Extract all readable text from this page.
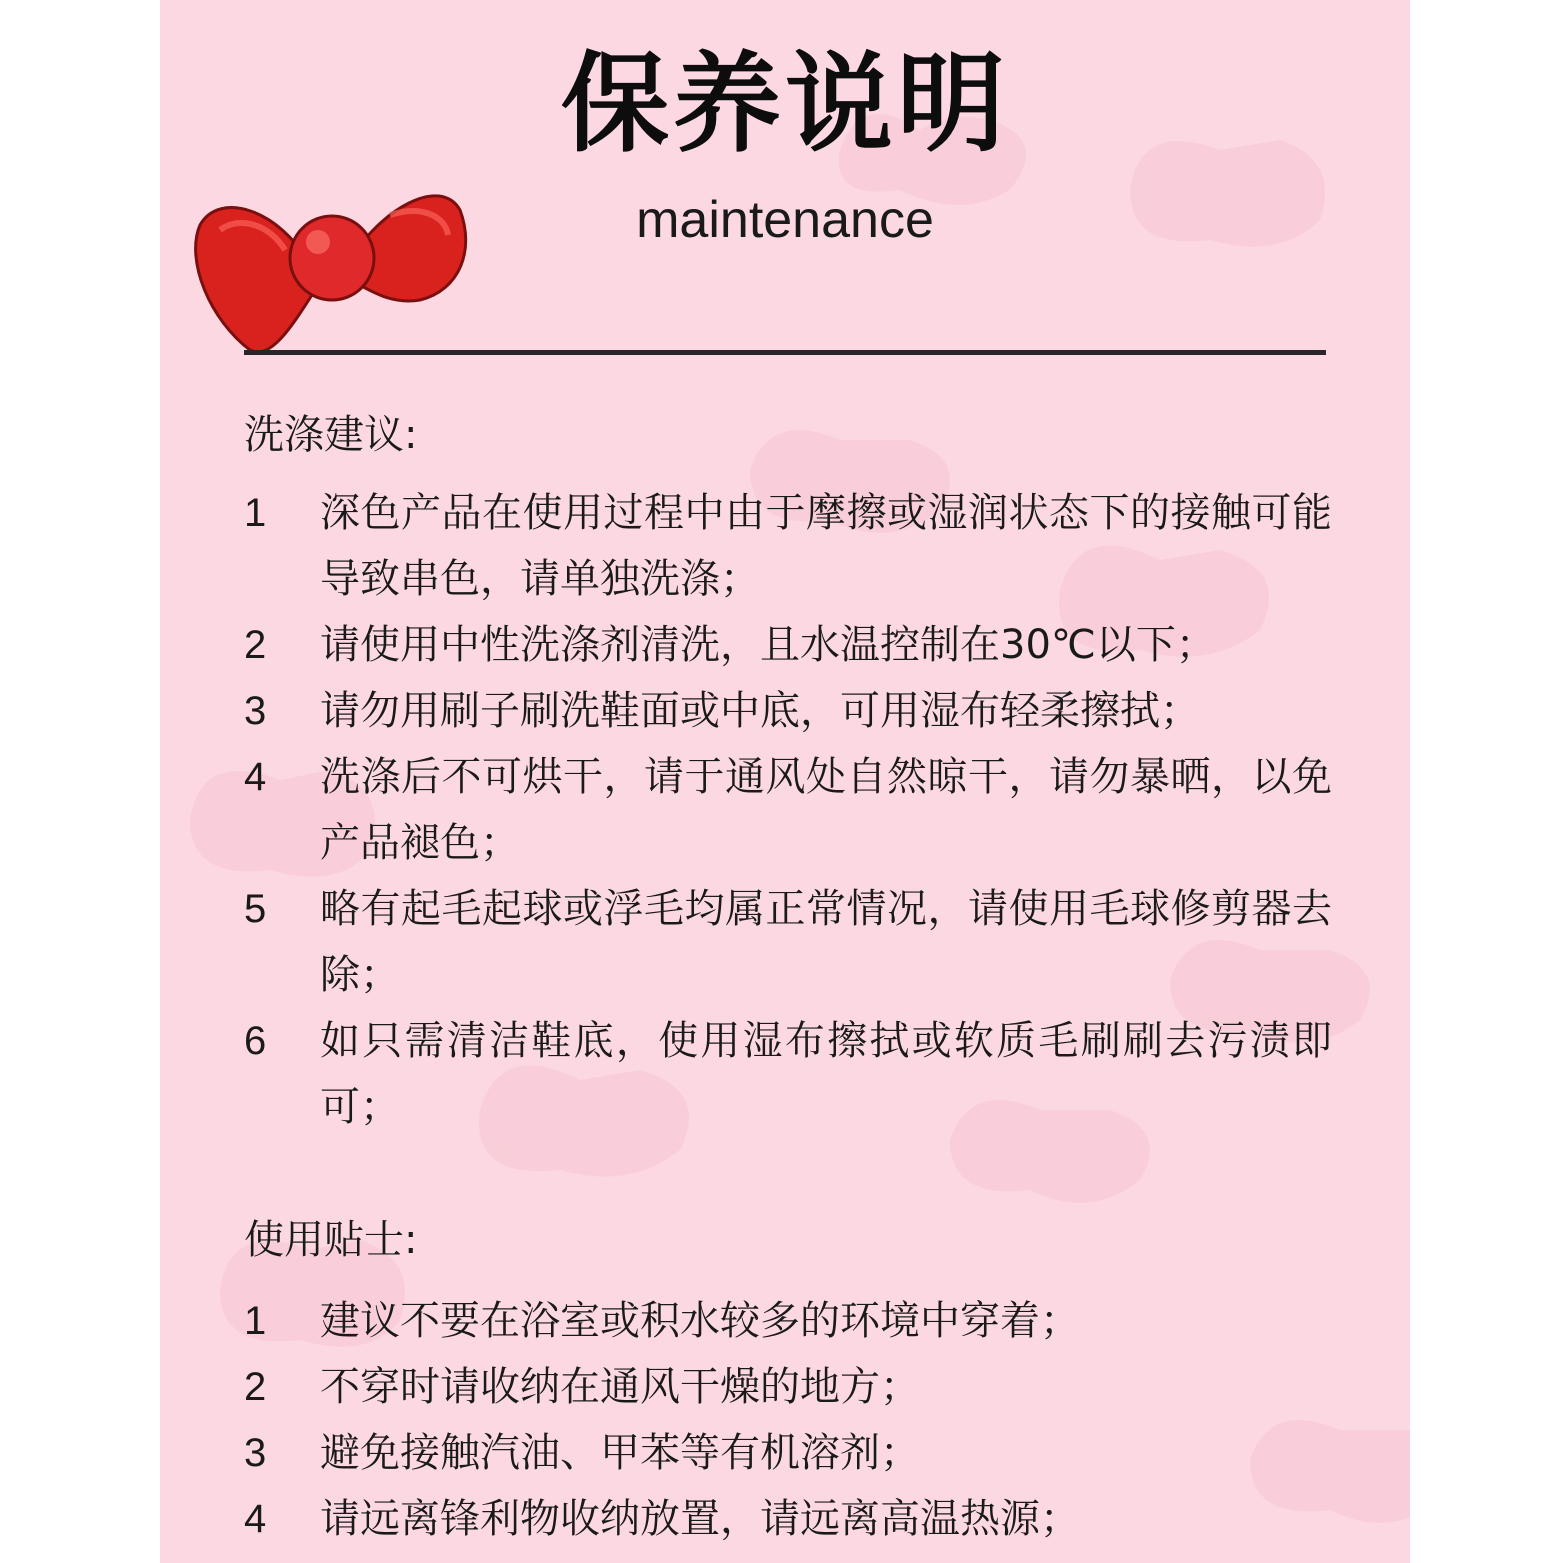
保养说明
maintenance
洗涤建议:
1	深色产品在使用过程中由于摩擦或湿润状态下的接触可能导致串色，请单独洗涤；
2	请使用中性洗涤剂清洗，且水温控制在30℃以下；
3	请勿用刷子刷洗鞋面或中底，可用湿布轻柔擦拭；
4	洗涤后不可烘干，请于通风处自然晾干，请勿暴晒，以免产品褪色；
5	略有起毛起球或浮毛均属正常情况，请使用毛球修剪器去除；
6	如只需清洁鞋底，使用湿布擦拭或软质毛刷刷去污渍即可；
使用贴士:
1	建议不要在浴室或积水较多的环境中穿着；
2	不穿时请收纳在通风干燥的地方；
3	避免接触汽油、甲苯等有机溶剂；
4	请远离锋利物收纳放置，请远离高温热源；
